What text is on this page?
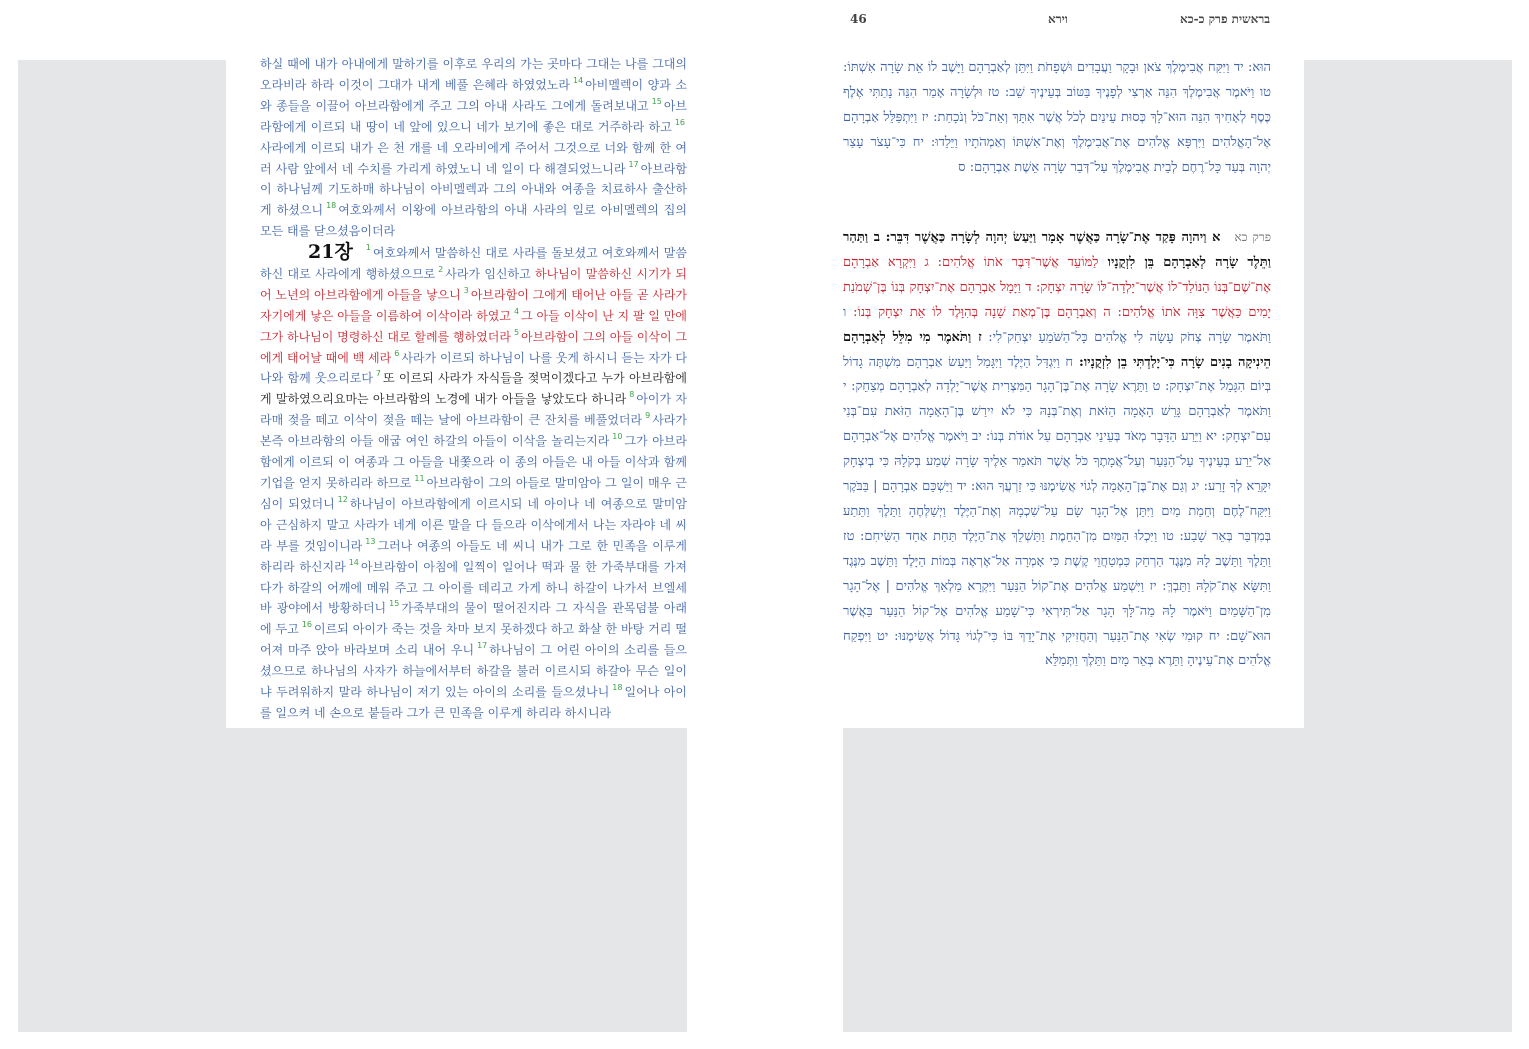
하실 때에 내가 아내에게 말하기를 이후로 우리의 가는 곳마다 그대는 나를 그대의 오라비라 하라 이것이 그대가 내게 베풀 은혜라 하였었노라 $^{14}$ 아비멜렉이 양과 소와 종들을 이끌어 아브라함에게 주고 그의 아내 사라도 그에게 돌려보내고 $^{15}$ 아브라함에게 이르되 내 땅이 네 앞에 있으니 네가 보기에 좋은 대로 거주하라 하고 $^{16}$사라에게 이르되 내가 은 천 개를 네 오라비에게 주어서 그것으로 너와 함께 한 여러 사람 앞에서 네 수치를 가리게 하였노니 네 일이 다 해결되었느니라 $^{17}$ 아브라함이 하나님께 기도하매 하나님이 아비멜렉과 그의 아내와 여종을 치료하사 출산하게 하셨으니 $^{18}$ 여호와께서 이왕에 아브라함의 아내 사라의 일로 아비멜렉의 집의 모든 태를 닫으셨음이더라
21장 $^1$ 여호와께서 말씀하신 대로 사라를 돌보셨고 여호와께서 말씀하신 대로 사라에게 행하셨으므로 $^2$ 사라가 임신하고 하나님이 말씀하신 시기가 되어 노년의 아브라함에게 아들을 낳으니 $^3$ 아브라함이 그에게 태어난 아들 곧 사라가 자기에게 낳은 아들을 이름하여 이삭이라 하였고 $^4$ 그 아들 이삭이 난 지 팔 일 만에 그가 하나님이 명령하신 대로 할례를 행하였더라 $^5$ 아브라함이 그의 아들 이삭이 그에게 태어날 때에 백 세라 $^6$ 사라가 이르되 하나님이 나를 웃게 하시니 듣는 자가 다 나와 함께 웃으리로다 $^7$ 또 이르되 사라가 자식들을 젖먹이겠다고 누가 아브라함에게 말하였으리요마는 아브라함의 노경에 내가 아들을 낳았도다 하니라 $^8$ 아이가 자라매 젖을 떼고 이삭이 젖을 떼는 날에 아브라함이 큰 잔치를 베풀었더라 $^9$ 사라가 본즉 아브라함의 아들 애굽 여인 하갈의 아들이 이삭을 놀리는지라 $^{10}$ 그가 아브라함에게 이르되 이 여종과 그 아들을 내쫓으라 이 종의 아들은 내 아들 이삭과 함께 기업을 얻지 못하리라 하므로 $^{11}$ 아브라함이 그의 아들로 말미암아 그 일이 매우 근심이 되었더니 $^{12}$ 하나님이 아브라함에게 이르시되 네 아이나 네 여종으로 말미암아 근심하지 말고 사라가 네게 이른 말을 다 들으라 이삭에게서 나는 자라야 네 씨라 부를 것임이니라 $^{13}$ 그러나 여종의 아들도 네 씨니 내가 그로 한 민족을 이루게 하리라 하신지라 $^{14}$ 아브라함이 아침에 일찍이 일어나 떡과 물 한 가죽부대를 가져다가 하갈의 어깨에 메워 주고 그 아이를 데리고 가게 하니 하갈이 나가서 브엘세바 광야에서 방황하더니 $^{15}$ 가죽부대의 물이 떨어진지라 그 자식을 관목덤불 아래에 두고 $^{16}$ 이르되 아이가 죽는 것을 차마 보지 못하겠다 하고 화살 한 바탕 거리 떨어져 마주 앉아 바라보며 소리 내어 우니 $^{17}$ 하나님이 그 어린 아이의 소리를 들으셨으므로 하나님의 사자가 하늘에서부터 하갈을 불러 이르시되 하갈아 무슨 일이냐 두려워하지 말라 하나님이 저기 있는 아이의 소리를 들으셨나니 $^{18}$ 일어나 아이를 일으켜 네 손으로 붙들라 그가 큰 민족을 이루게 하리라 하시니라
46	וירא	בראשית פרק כ-כא
הוּא: יד וַיִּקַּח אֲבִימֶלֶךְ צֹאן וּבָקָר וַעֲבָדִים וּשְׁפָחֹת וַיִּתֵּן לְאַבְרָהָם וַיָּשֶׁב לוֹ אֵת שָׂרָה אִשְׁתּוֹ: טו וַיֹּאמֶר אֲבִימֶלֶךְ הִנֵּה אַרְצִי לְפָנֶיךָ בַּטּוֹב בְּעֵינֶיךָ שֵׁב: טז וּלְשָׂרָה אָמַר הִנֵּה נָתַתִּי אֶלֶף כֶּסֶף לְאָחִיךְ הִנֵּה הוּא־לָךְ כְּסוּת עֵינַיִם לְכֹל אֲשֶׁר אִתָּךְ וְאֵת־כֹּל וְנֹכָחַת: יז וַיִּתְפַּלֵּל אַבְרָהָם אֶל־הָאֱלֹהִים וַיִּרְפָּא אֱלֹהִים אֶת־אֲבִימֶלֶךְ וְאֶת־אִשְׁתּוֹ וְאַמְהֹתָיו וַיֵּלֵדוּ: יח כִּי־עָצֹר עָצַר יְהוָה בְּעַד כָּל־רֶחֶם לְבֵית אֲבִימֶלֶךְ עַל־דְּבַר שָׂרָה אֵשֶׁת אַבְרָהָם: ס
פרק כאא וַיהוָה פָּקַד אֶת־שָׂרָה כַּאֲשֶׁר אָמָר וַיַּעַשׂ יְהוָה לְשָׂרָה כַּאֲשֶׁר דִּבֵּר: ב וַתַּהַר וַתֵּלֶד שָׂרָה לְאַבְרָהָם בֵּן לִזְקֻנָיו לַמּוֹעֵד אֲשֶׁר־דִּבֶּר אֹתוֹ אֱלֹהִים: ג וַיִּקְרָא אַבְרָהָם אֶת־שֶׁם־בְּנוֹ הַנּוֹלַד־לוֹ אֲשֶׁר־יָלְדָה־לּוֹ שָׂרָה יִצְחָק: ד וַיָּמָל אַבְרָהָם אֶת־יִצְחָק בְּנוֹ בֶּן־שְׁמֹנַת יָמִים כַּאֲשֶׁר צִוָּה אֹתוֹ אֱלֹהִים: ה וְאַבְרָהָם בֶּן־מְאַת שָׁנָה בְּהִוָּלֶד לוֹ אֵת יִצְחָק בְּנוֹ: ו וַתֹּאמֶר שָׂרָה צְחֹק עָשָׂה לִי אֱלֹהִים כָּל־הַשֹּׁמֵעַ יִצְחַק־לִי: ז וַתֹּאמֶר מִי מִלֵּל לְאַבְרָהָם הֵינִיקָה בָנִים שָׂרָה כִּי־יָלַדְתִּי בֵן לִזְקֻנָיו: ח וַיִּגְדַּל הַיֶּלֶד וַיִּגָּמַל וַיַּעַשׂ אַבְרָהָם מִשְׁתֶּה גָדוֹל בְּיוֹם הִגָּמֵל אֶת־יִצְחָק: ט וַתֵּרֶא שָׂרָה אֶת־בֶּן־הָגָר הַמִּצְרִית אֲשֶׁר־יָלְדָה לְאַבְרָהָם מְצַחֵק: י וַתֹּאמֶר לְאַבְרָהָם גָּרֵשׁ הָאָמָה הַזֹּאת וְאֶת־בְּנָהּ כִּי לֹא יִירַשׁ בֶּן־הָאָמָה הַזֹּאת עִם־בְּנִי עִם־יִצְחָק: יא וַיֵּרַע הַדָּבָר מְאֹד בְּעֵינֵי אַבְרָהָם עַל אוֹדֹת בְּנוֹ: יב וַיֹּאמֶר אֱלֹהִים אֶל־אַבְרָהָם אַל־יֵרַע בְּעֵינֶיךָ עַל־הַנַּעַר וְעַל־אֲמָתֶךָ כֹּל אֲשֶׁר תֹּאמַר אֵלֶיךָ שָׂרָה שְׁמַע בְּקֹלָהּ כִּי בְיִצְחָק יִקָּרֵא לְךָ זָרַע: יג וְגַם אֶת־בֶּן־הָאָמָה לְגוֹי אֲשִׂימֶנּוּ כִּי זַרְעֲךָ הוּא: יד וַיַּשְׁכֵּם אַבְרָהָם | בַּבֹּקֶר וַיִּקַּח־לֶחֶם וְחֵמַת מַיִם וַיִּתֵּן אֶל־הָגָר שָׂם עַל־שִׁכְמָהּ וְאֶת־הַיֶּלֶד וַיְשַׁלְּחֶהָ וַתֵּלֶךְ וַתֵּתַע בְּמִדְבַּר בְּאֵר שָׁבַע: טו וַיִּכְלוּ הַמַּיִם מִן־הַחֵמֶת וַתַּשְׁלֵךְ אֶת־הַיֶּלֶד תַּחַת אַחַד הַשִּׂיחִם: טז וַתֵּלֶךְ וַתֵּשֶׁב לָהּ מִנֶּגֶד הַרְחֵק כִּמְטַחֲוֵי קֶשֶׁת כִּי אָמְרָה אַל־אֶרְאֶה בְּמוֹת הַיָּלֶד וַתֵּשֶׁב מִנֶּגֶד וַתִּשָּׂא אֶת־קֹלָהּ וַתֵּבְךְּ: יז וַיִּשְׁמַע אֱלֹהִים אֶת־קוֹל הַנַּעַר וַיִּקְרָא מַלְאַךְ אֱלֹהִים | אֶל־הָגָר מִן־הַשָּׁמַיִם וַיֹּאמֶר לָהּ מַה־לָּךְ הָגָר אַל־תִּירְאִי כִּי־שָׁמַע אֱלֹהִים אֶל־קוֹל הַנַּעַר בַּאֲשֶׁר הוּא־שָׁם: יח קוּמִי שְׂאִי אֶת־הַנַּעַר וְהַחֲזִיקִי אֶת־יָדֵךְ בּוֹ כִּי־לְגוֹי גָּדוֹל אֲשִׂימֶנּוּ: יט וַיִּפְקַח אֱלֹהִים אֶת־עֵינֶיהָ וַתֵּרֶא בְּאֵר מָיִם וַתֵּלֶךְ וַתְּמַלֵּא
